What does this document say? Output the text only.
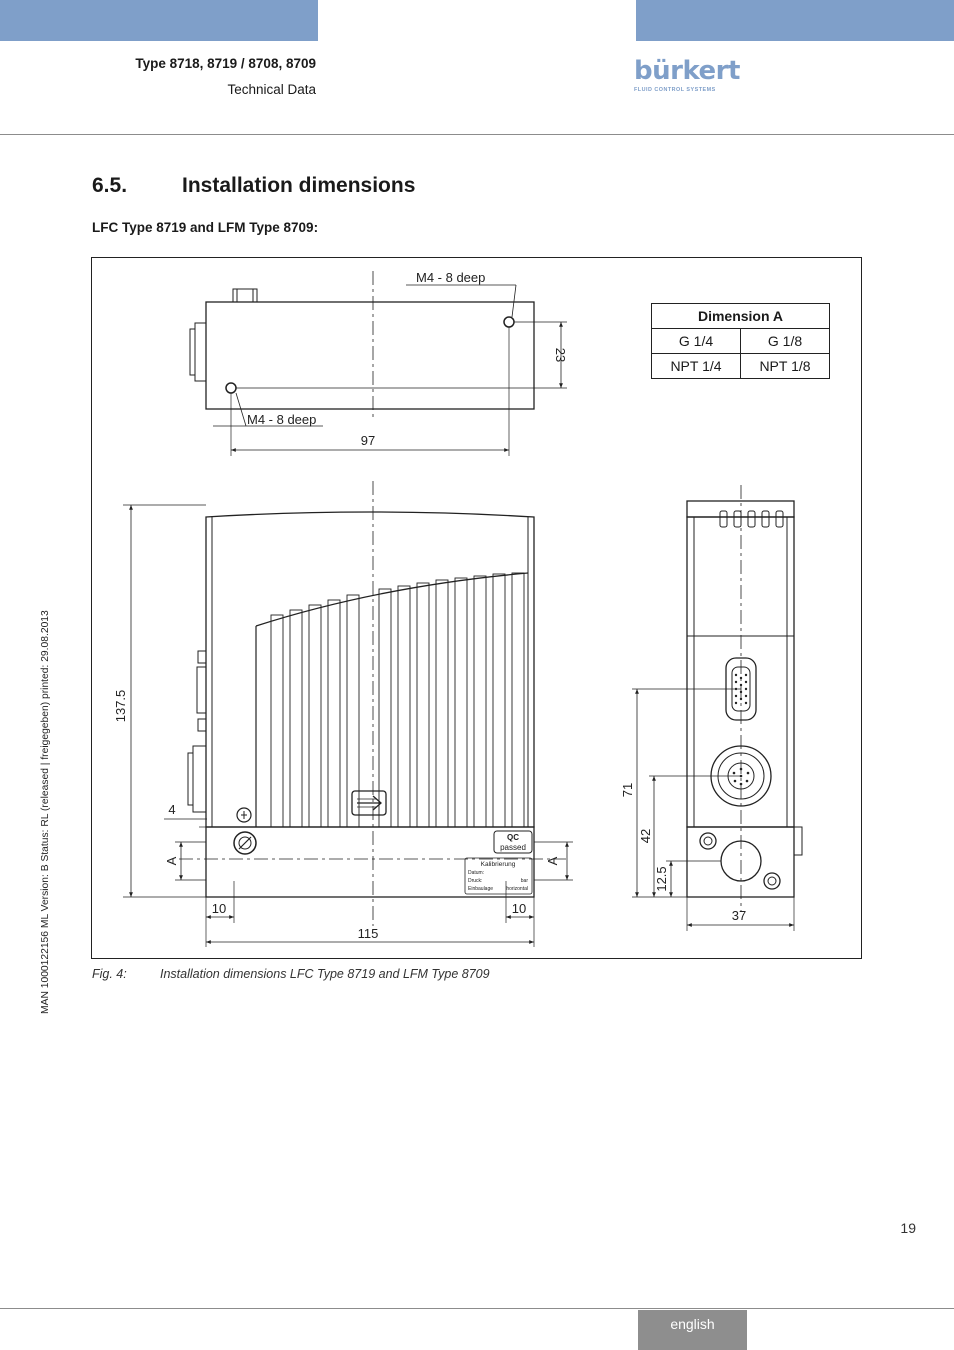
Type 8718, 8719 / 8708, 8709
Technical Data
bürkert
FLUID CONTROL SYSTEMS
6.5.	Installation dimensions
LFC Type 8719 and LFM Type 8709:
M4 - 8 deep
M4 - 8 deep
23
97
137.5
4
A	A
10	10
115
71
42
12.5
37
QC
passed
Kalibrierung
Datum:
Druck:	bar
Einbaulage	horizontal
Dimension A	
G 1/4	G 1/8
NPT 1/4	NPT 1/8
Fig. 4:	Installation dimensions LFC Type 8719 and LFM Type 8709
MAN 1000122156 ML Version: B Status: RL (released | freigegeben) printed: 29.08.2013
19
english
